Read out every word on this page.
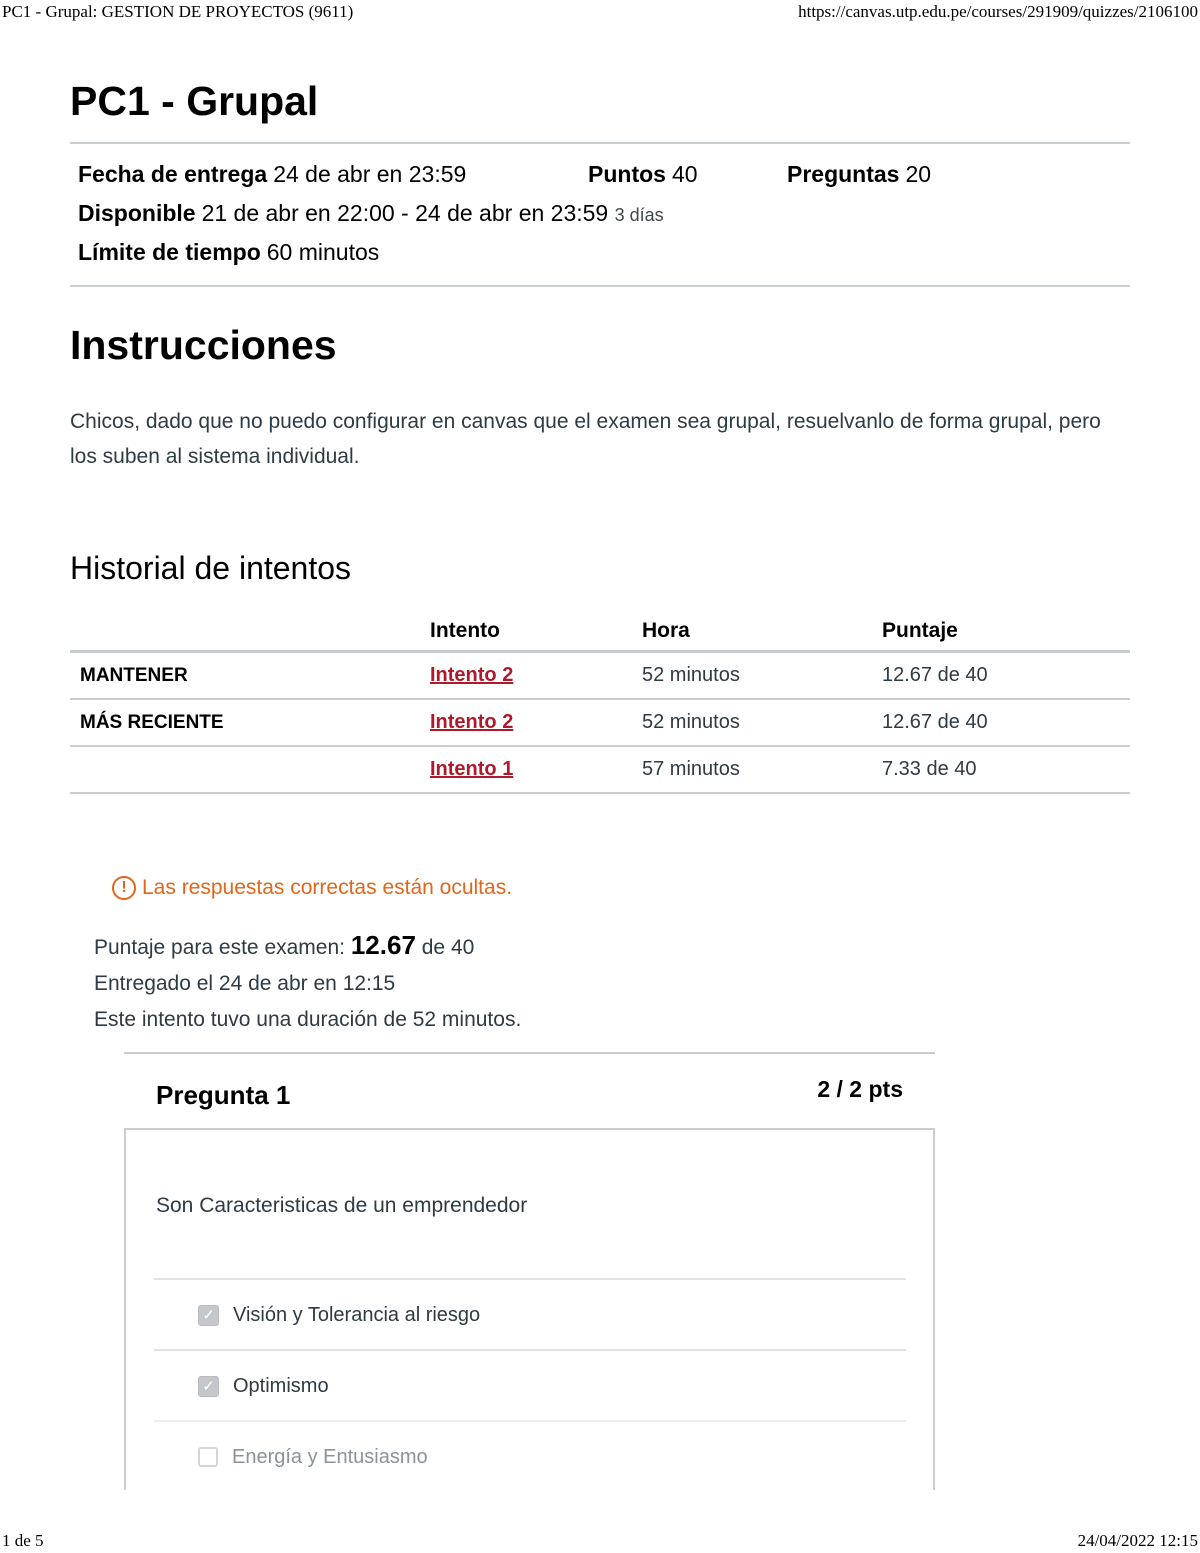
PC1 - Grupal: GESTION DE PROYECTOS (9611)	https://canvas.utp.edu.pe/courses/291909/quizzes/2106100
PC1 - Grupal
Fecha de entrega 24 de abr en 23:59	Puntos 40	Preguntas 20
Disponible 21 de abr en 22:00 - 24 de abr en 23:59 3 días
Límite de tiempo 60 minutos
Instrucciones

Chicos, dado que no puedo configurar en canvas que el examen sea grupal, resuelvanlo de forma grupal, pero los suben al sistema individual.

Historial de intentos
	Intento	Hora	Puntaje
MANTENER	Intento 2	52 minutos	12.67 de 40
MÁS RECIENTE	Intento 2	52 minutos	12.67 de 40
	Intento 1	57 minutos	7.33 de 40
! Las respuestas correctas están ocultas.
Puntaje para este examen: 12.67 de 40
Entregado el 24 de abr en 12:15
Este intento tuvo una duración de 52 minutos.
Pregunta 1	2 / 2 pts
Son Caracteristicas de un emprendedor
✓ Visión y Tolerancia al riesgo
✓ Optimismo
Energía y Entusiasmo
1 de 5	24/04/2022 12:15
